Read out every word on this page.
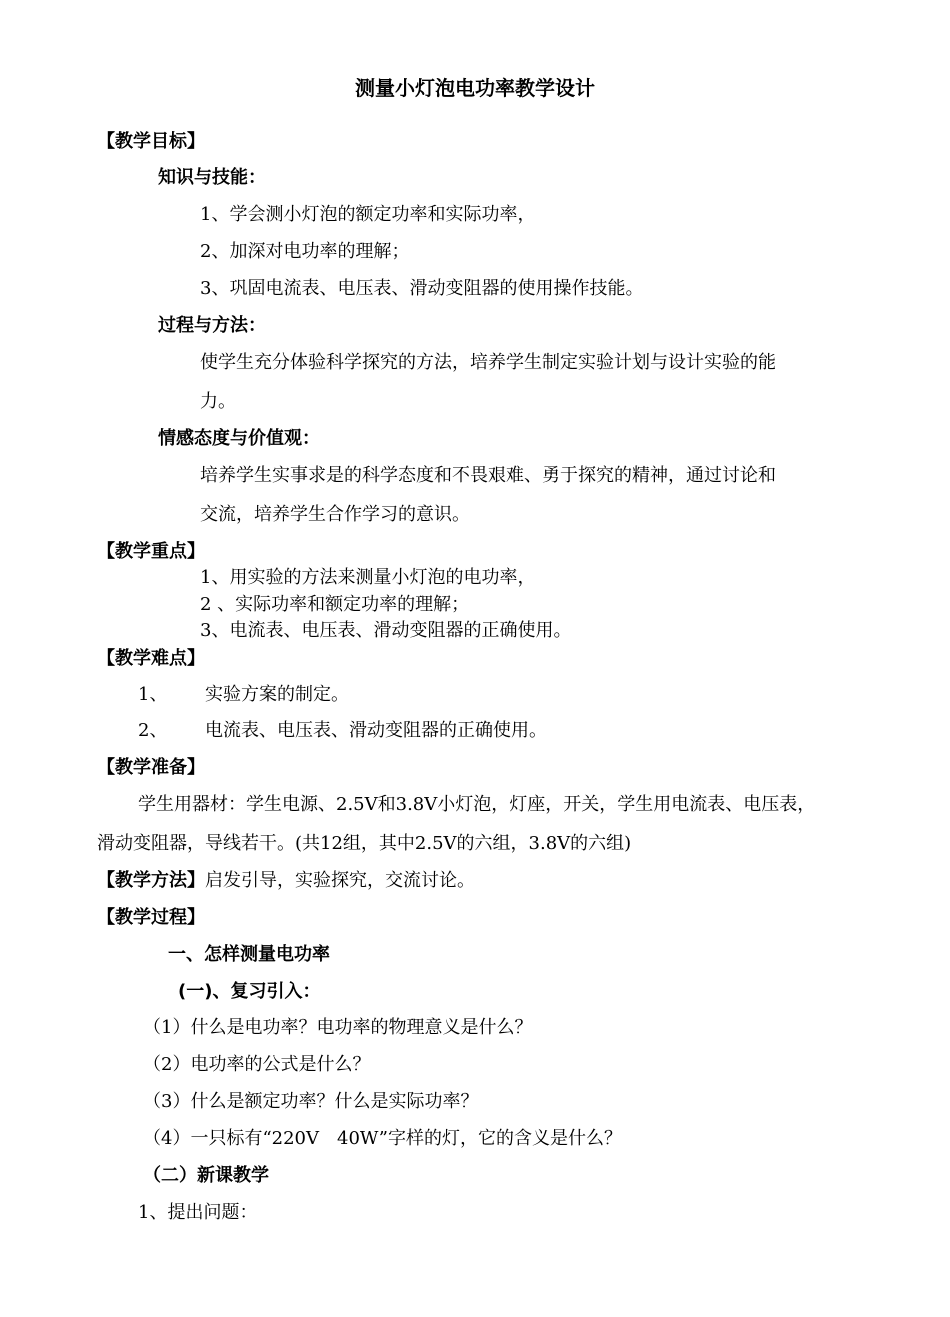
测量小灯泡电功率教学设计
【教学目标】
知识与技能：
1、学会测小灯泡的额定功率和实际功率，
2、加深对电功率的理解；
3、巩固电流表、电压表、滑动变阻器的使用操作技能。
过程与方法：
使学生充分体验科学探究的方法，培养学生制定实验计划与设计实验的能
力。
情感态度与价值观：
培养学生实事求是的科学态度和不畏艰难、勇于探究的精神，通过讨论和
交流，培养学生合作学习的意识。
【教学重点】
1、用实验的方法来测量小灯泡的电功率，
2 、实际功率和额定功率的理解；
3、电流表、电压表、滑动变阻器的正确使用。
【教学难点】
1、 实验方案的制定。
2、 电流表、电压表、滑动变阻器的正确使用。
【教学准备】
学生用器材：学生电源、2.5V和3.8V小灯泡，灯座，开关，学生用电流表、电压表，
滑动变阻器，导线若干。(共12组，其中2.5V的六组，3.8V的六组)
【教学方法】启发引导，实验探究，交流讨论。
【教学过程】
一、怎样测量电功率
(一)、复习引入：
（1）什么是电功率？电功率的物理意义是什么？
（2）电功率的公式是什么？
（3）什么是额定功率？什么是实际功率？
（4）一只标有“220V　40W”字样的灯，它的含义是什么？
（二）新课教学
1、提出问题：
